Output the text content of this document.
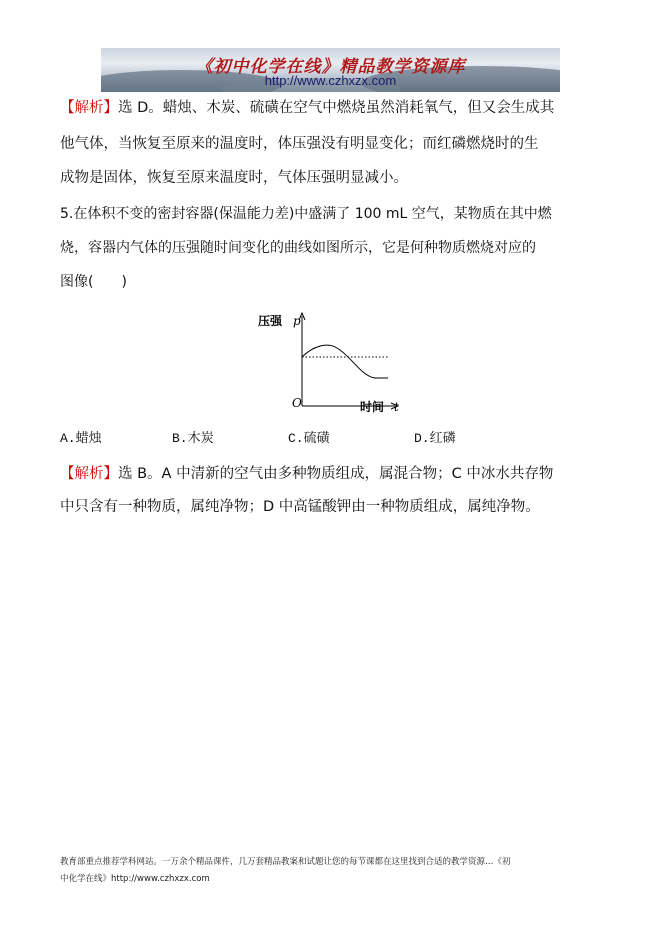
《初中化学在线》精品教学资源库
http://www.czhxzx.com
【解析】选 D。蜡烛、木炭、硫磺在空气中燃烧虽然消耗氧气，但又会生成其
他气体，当恢复至原来的温度时，体压强没有明显变化；而红磷燃烧时的生
成物是固体，恢复至原来温度时，气体压强明显减小。
5.在体积不变的密封容器(保温能力差)中盛满了 100 mL 空气，某物质在其中燃
烧，容器内气体的压强随时间变化的曲线如图所示，它是何种物质燃烧对应的
图像(　　)
压强 p
O	时间 t
A.蜡烛	B.木炭	C.硫磺	D.红磷
【解析】选 B。A 中清新的空气由多种物质组成，属混合物；C 中冰水共存物
中只含有一种物质，属纯净物；D 中高锰酸钾由一种物质组成，属纯净物。
教育部重点推荐学科网站。一万余个精品课件，几万套精品教案和试题让您的每节课都在这里找到合适的教学资源…《初
中化学在线》http://www.czhxzx.com
